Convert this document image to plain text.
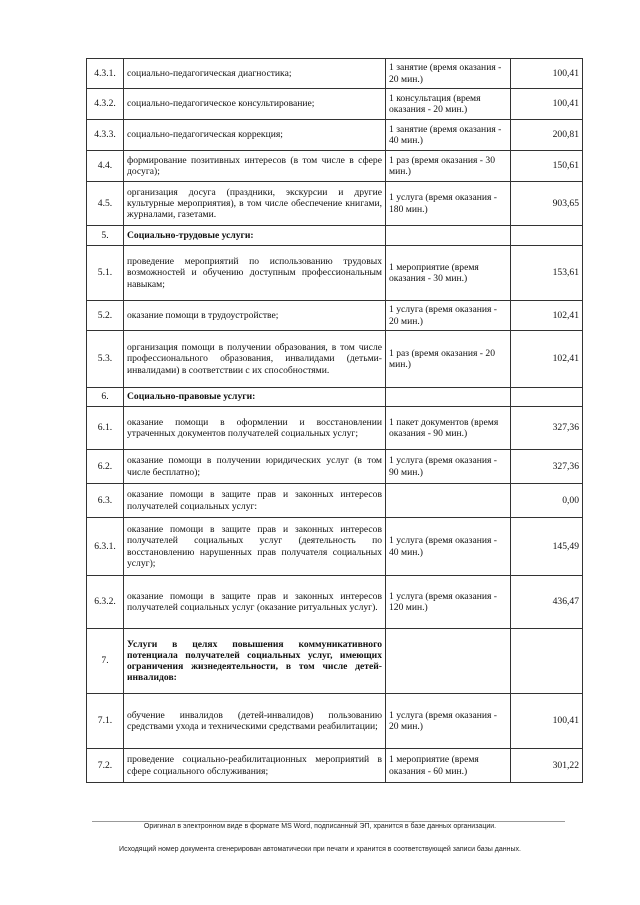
4.3.1.	социально-педагогическая диагностика;	1 занятие (время оказания - 20 мин.)	100,41
4.3.2.	социально-педагогическое консультирование;	1 консультация (время оказания - 20 мин.)	100,41
4.3.3.	социально-педагогическая коррекция;	1 занятие (время оказания - 40 мин.)	200,81
4.4.	формирование позитивных интересов (в том числе в сфере досуга);	1 раз (время оказания - 30 мин.)	150,61
4.5.	организация досуга (праздники, экскурсии и другие культурные мероприятия), в том числе обеспечение книгами, журналами, газетами.	1 услуга (время оказания - 180 мин.)	903,65
5.	Социально-трудовые услуги:		
5.1.	проведение мероприятий по использованию трудовых возможностей и обучению доступным профессиональным навыкам;	1 мероприятие (время оказания - 30 мин.)	153,61
5.2.	оказание помощи в трудоустройстве;	1 услуга (время оказания - 20 мин.)	102,41
5.3.	организация помощи в получении образования, в том числе профессионального образования, инвалидами (детьми-инвалидами) в соответствии с их способностями.	1 раз (время оказания - 20 мин.)	102,41
6.	Социально-правовые услуги:		
6.1.	оказание помощи в оформлении и восстановлении утраченных документов получателей социальных услуг;	1 пакет документов (время оказания - 90 мин.)	327,36
6.2.	оказание помощи в получении юридических услуг (в том числе бесплатно);	1 услуга (время оказания - 90 мин.)	327,36
6.3.	оказание помощи в защите прав и законных интересов получателей социальных услуг:		0,00
6.3.1.	оказание помощи в защите прав и законных интересов получателей социальных услуг (деятельность по восстановлению нарушенных прав получателя социальных услуг);	1 услуга (время оказания - 40 мин.)	145,49
6.3.2.	оказание помощи в защите прав и законных интересов получателей социальных услуг (оказание ритуальных услуг).	1 услуга (время оказания - 120 мин.)	436,47
7.	Услуги в целях повышения коммуникативного потенциала получателей социальных услуг, имеющих ограничения жизнедеятельности, в том числе детей-инвалидов:		
7.1.	обучение инвалидов (детей-инвалидов) пользованию средствами ухода и техническими средствами реабилитации;	1 услуга (время оказания - 20 мин.)	100,41
7.2.	проведение социально-реабилитационных мероприятий в сфере социального обслуживания;	1 мероприятие (время оказания - 60 мин.)	301,22
Оригинал в электронном виде в формате MS Word, подписанный ЭП, хранится в базе данных организации.
Исходящий номер документа сгенерирован автоматически при печати и хранится в соответствующей записи базы данных.
